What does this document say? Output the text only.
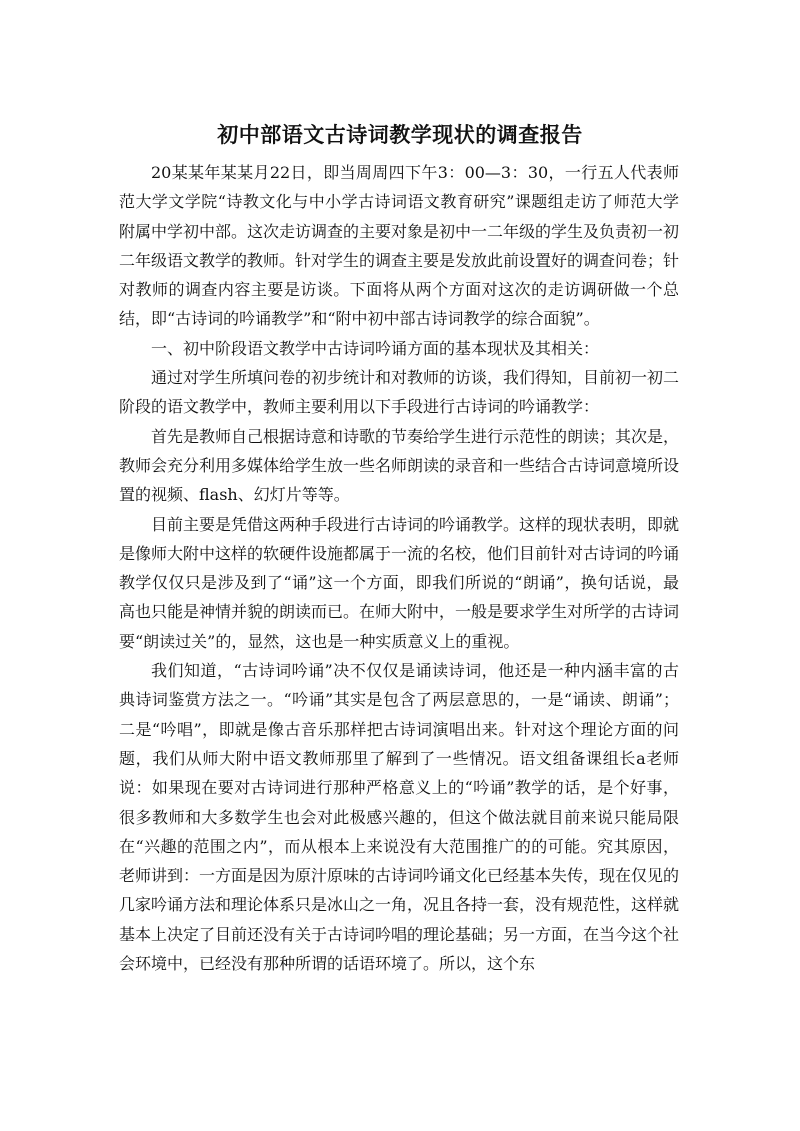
初中部语文古诗词教学现状的调查报告

20某某年某某月22日，即当周周四下午3：00—3：30，一行五人代表师范大学文学院“诗教文化与中小学古诗词语文教育研究”课题组走访了师范大学附属中学初中部。这次走访调查的主要对象是初中一二年级的学生及负责初一初二年级语文教学的教师。针对学生的调查主要是发放此前设置好的调查问卷；针对教师的调查内容主要是访谈。下面将从两个方面对这次的走访调研做一个总结，即“古诗词的吟诵教学”和“附中初中部古诗词教学的综合面貌”。

一、初中阶段语文教学中古诗词吟诵方面的基本现状及其相关：

通过对学生所填问卷的初步统计和对教师的访谈，我们得知，目前初一初二阶段的语文教学中，教师主要利用以下手段进行古诗词的吟诵教学：

首先是教师自己根据诗意和诗歌的节奏给学生进行示范性的朗读；其次是，教师会充分利用多媒体给学生放一些名师朗读的录音和一些结合古诗词意境所设置的视频、flash、幻灯片等等。

目前主要是凭借这两种手段进行古诗词的吟诵教学。这样的现状表明，即就是像师大附中这样的软硬件设施都属于一流的名校，他们目前针对古诗词的吟诵教学仅仅只是涉及到了“诵”这一个方面，即我们所说的“朗诵”，换句话说，最高也只能是神情并貌的朗读而已。在师大附中，一般是要求学生对所学的古诗词要“朗读过关”的，显然，这也是一种实质意义上的重视。

我们知道，“古诗词吟诵”决不仅仅是诵读诗词，他还是一种内涵丰富的古典诗词鉴赏方法之一。“吟诵”其实是包含了两层意思的，一是“诵读、朗诵”；二是“吟唱”，即就是像古音乐那样把古诗词演唱出来。针对这个理论方面的问题，我们从师大附中语文教师那里了解到了一些情况。语文组备课组长a老师说：如果现在要对古诗词进行那种严格意义上的“吟诵”教学的话，是个好事，很多教师和大多数学生也会对此极感兴趣的，但这个做法就目前来说只能局限在“兴趣的范围之内”，而从根本上来说没有大范围推广的的可能。究其原因，老师讲到：一方面是因为原汁原味的古诗词吟诵文化已经基本失传，现在仅见的几家吟诵方法和理论体系只是冰山之一角，况且各持一套，没有规范性，这样就基本上决定了目前还没有关于古诗词吟唱的理论基础；另一方面，在当今这个社会环境中，已经没有那种所谓的话语环境了。所以，这个东
